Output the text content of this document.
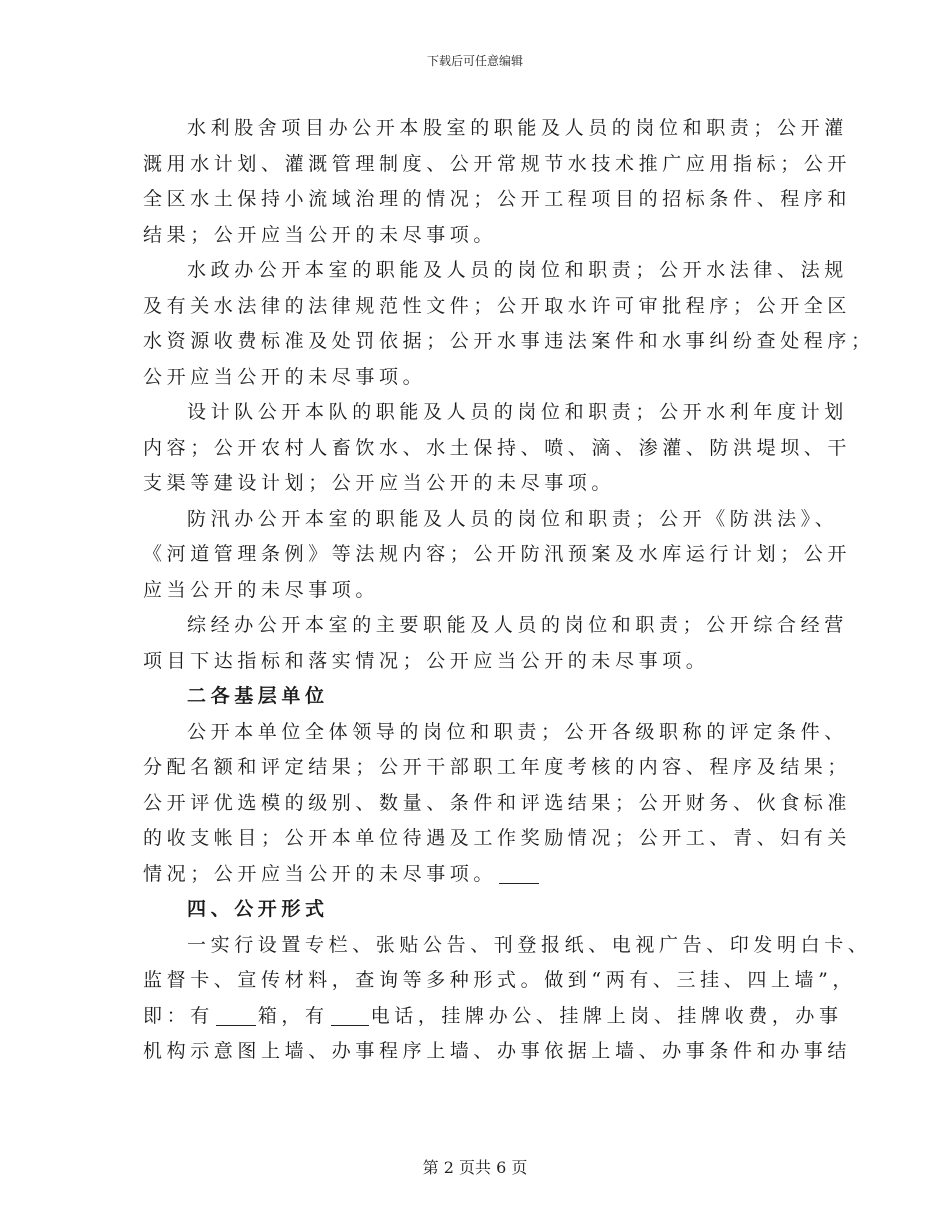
下载后可任意编辑
水利股舍项目办公开本股室的职能及人员的岗位和职责；公开灌
溉用水计划、灌溉管理制度、公开常规节水技术推广应用指标；公开
全区水土保持小流域治理的情况；公开工程项目的招标条件、程序和
结果；公开应当公开的未尽事项。
水政办公开本室的职能及人员的岗位和职责；公开水法律、法规
及有关水法律的法律规范性文件；公开取水许可审批程序；公开全区
水资源收费标准及处罚依据；公开水事违法案件和水事纠纷查处程序；
公开应当公开的未尽事项。
设计队公开本队的职能及人员的岗位和职责；公开水利年度计划
内容；公开农村人畜饮水、水土保持、喷、滴、渗灌、防洪堤坝、干
支渠等建设计划；公开应当公开的未尽事项。
防汛办公开本室的职能及人员的岗位和职责；公开《防洪法》、
《河道管理条例》等法规内容；公开防汛预案及水库运行计划；公开
应当公开的未尽事项。
综经办公开本室的主要职能及人员的岗位和职责；公开综合经营
项目下达指标和落实情况；公开应当公开的未尽事项。
二各基层单位
公开本单位全体领导的岗位和职责；公开各级职称的评定条件、
分配名额和评定结果；公开干部职工年度考核的内容、程序及结果；
公开评优选模的级别、数量、条件和评选结果；公开财务、伙食标准
的收支帐目；公开本单位待遇及工作奖励情况；公开工、青、妇有关
情况；公开应当公开的未尽事项。
四、公开形式
一实行设置专栏、张贴公告、刊登报纸、电视广告、印发明白卡、
监督卡、宣传材料，查询等多种形式。做到“两有、三挂、四上墙”，
即：有 箱，有 电话，挂牌办公、挂牌上岗、挂牌收费，办事
机构示意图上墙、办事程序上墙、办事依据上墙、办事条件和办事结
第 2 页共 6 页
